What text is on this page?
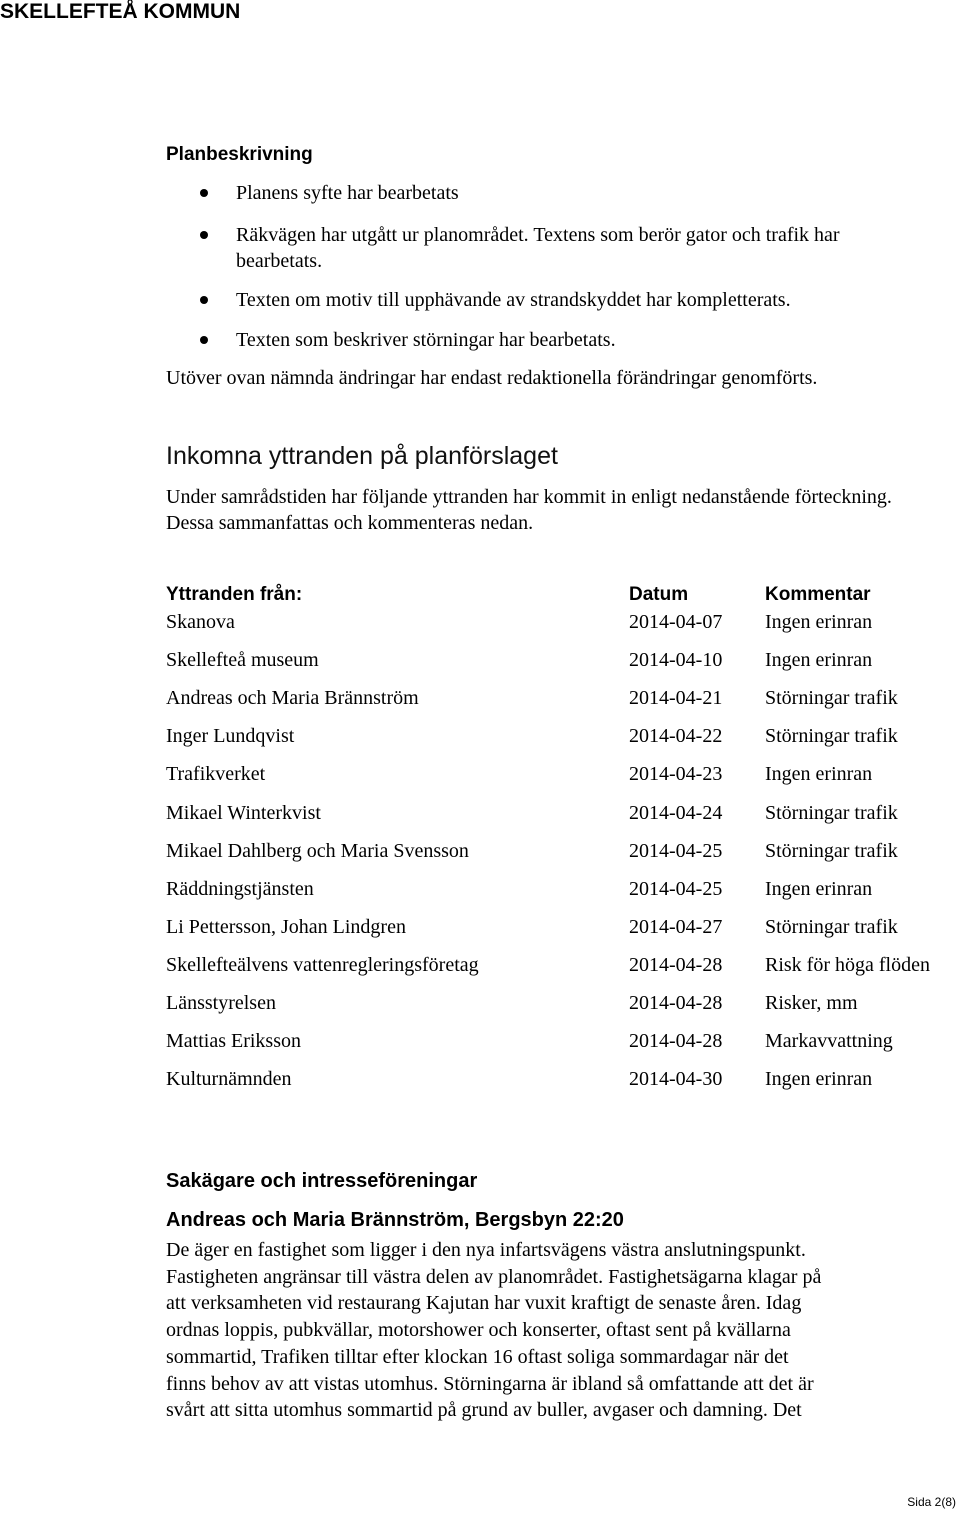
SKELLEFTEÅ KOMMUN
Planbeskrivning
Planens syfte har bearbetats
Räkvägen har utgått ur planområdet. Textens som berör gator och trafik har
bearbetats.
Texten om motiv till upphävande av strandskyddet har kompletterats.
Texten som beskriver störningar har bearbetats.
Utöver ovan nämnda ändringar har endast redaktionella förändringar genomförts.
Inkomna yttranden på planförslaget
Under samrådstiden har följande yttranden har kommit in enligt nedanstående förteckning. Dessa sammanfattas och kommenteras nedan.
Yttranden från:	Datum	Kommentar
Skanova	2014-04-07 Ingen erinran
Skellefteå museum	2014-04-10 Ingen erinran
Andreas och Maria Brännström	2014-04-21 Störningar trafik
Inger Lundqvist	2014-04-22 Störningar trafik
Trafikverket	2014-04-23 Ingen erinran
Mikael Winterkvist	2014-04-24 Störningar trafik
Mikael Dahlberg och Maria Svensson	2014-04-25 Störningar trafik
Räddningstjänsten	2014-04-25 Ingen erinran
Li Pettersson, Johan Lindgren	2014-04-27 Störningar trafik
Skellefteälvens vattenregleringsföretag	2014-04-28 Risk för höga flöden
Länsstyrelsen	2014-04-28 Risker, mm
Mattias Eriksson	2014-04-28 Markavvattning
Kulturnämnden	2014-04-30 Ingen erinran
Sakägare och intresseföreningar
Andreas och Maria Brännström, Bergsbyn 22:20

De äger en fastighet som ligger i den nya infartsvägens västra anslutningspunkt.
Fastigheten angränsar till västra delen av planområdet. Fastighetsägarna klagar på
att verksamheten vid restaurang Kajutan har vuxit kraftigt de senaste åren. Idag
ordnas loppis, pubkvällar, motorshower och konserter, oftast sent på kvällarna
sommartid, Trafiken tilltar efter klockan 16 oftast soliga sommardagar när det
finns behov av att vistas utomhus. Störningarna är ibland så omfattande att det är
svårt att sitta utomhus sommartid på grund av buller, avgaser och damning. Det

Sida 2(8)
